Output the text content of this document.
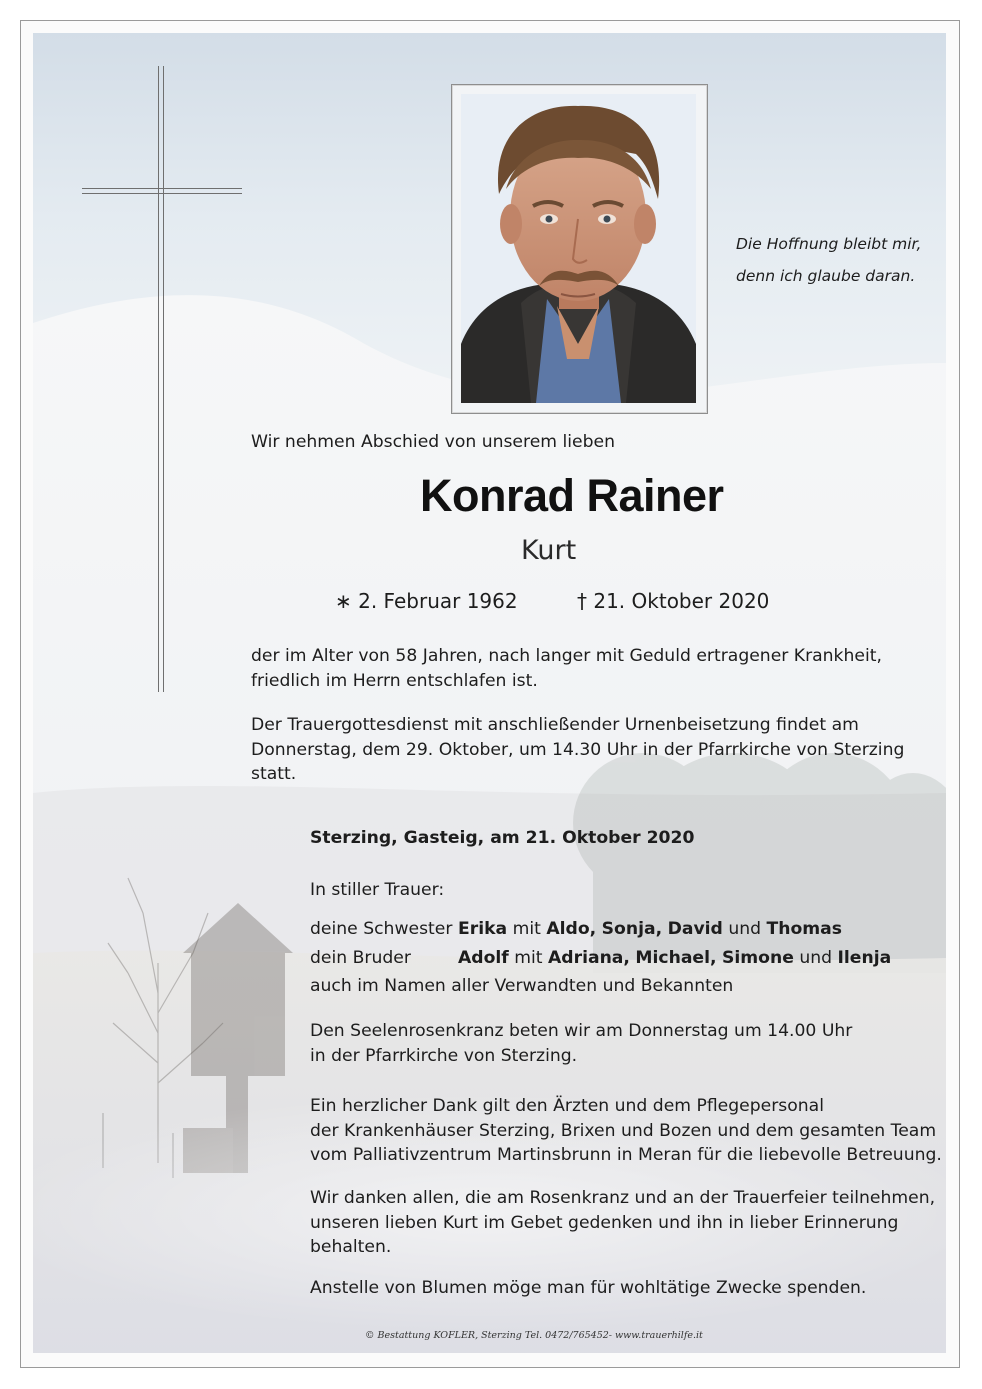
Die Hoffnung bleibt mir,
denn ich glaube daran.
Wir nehmen Abschied von unserem lieben
Konrad Rainer
Kurt
∗ 2. Februar 1962	† 21. Oktober 2020
der im Alter von 58 Jahren, nach langer mit Geduld ertragener Krankheit,
friedlich im Herrn entschlafen ist.
Der Trauergottesdienst mit anschließender Urnenbeisetzung findet am
Donnerstag, dem 29. Oktober, um 14.30 Uhr in der Pfarrkirche von Sterzing
statt.
Sterzing, Gasteig, am 21. Oktober 2020
In stiller Trauer:
deine Schwester Erika mit Aldo, Sonja, David und Thomas
dein Bruder	Adolf mit Adriana, Michael, Simone und Ilenja
auch im Namen aller Verwandten und Bekannten
Den Seelenrosenkranz beten wir am Donnerstag um 14.00 Uhr
in der Pfarrkirche von Sterzing.
Ein herzlicher Dank gilt den Ärzten und dem Pflegepersonal
der Krankenhäuser Sterzing, Brixen und Bozen und dem gesamten Team
vom Palliativzentrum Martinsbrunn in Meran für die liebevolle Betreuung.
Wir danken allen, die am Rosenkranz und an der Trauerfeier teilnehmen,
unseren lieben Kurt im Gebet gedenken und ihn in lieber Erinnerung
behalten.
Anstelle von Blumen möge man für wohltätige Zwecke spenden.
© Bestattung KOFLER, Sterzing Tel. 0472/765452- www.trauerhilfe.it
